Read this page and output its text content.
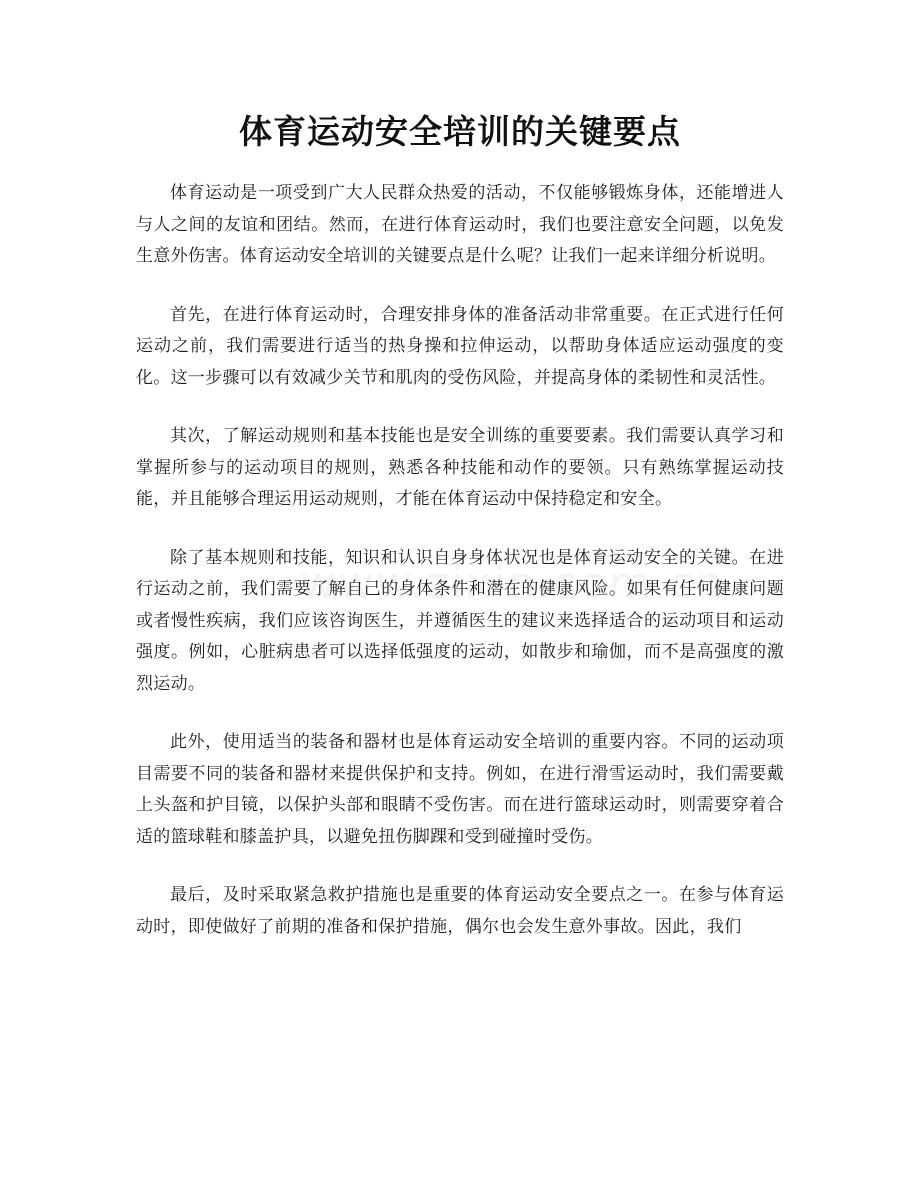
体育运动安全培训的关键要点

体育运动是一项受到广大人民群众热爱的活动，不仅能够锻炼身体，还能增进人与人之间的友谊和团结。然而，在进行体育运动时，我们也要注意安全问题，以免发生意外伤害。体育运动安全培训的关键要点是什么呢？让我们一起来详细分析说明。

首先，在进行体育运动时，合理安排身体的准备活动非常重要。在正式进行任何运动之前，我们需要进行适当的热身操和拉伸运动，以帮助身体适应运动强度的变化。这一步骤可以有效减少关节和肌肉的受伤风险，并提高身体的柔韧性和灵活性。

其次，了解运动规则和基本技能也是安全训练的重要要素。我们需要认真学习和掌握所参与的运动项目的规则，熟悉各种技能和动作的要领。只有熟练掌握运动技能，并且能够合理运用运动规则，才能在体育运动中保持稳定和安全。

除了基本规则和技能，知识和认识自身身体状况也是体育运动安全的关键。在进行运动之前，我们需要了解自己的身体条件和潜在的健康风险。如果有任何健康问题或者慢性疾病，我们应该咨询医生，并遵循医生的建议来选择适合的运动项目和运动强度。例如，心脏病患者可以选择低强度的运动，如散步和瑜伽，而不是高强度的激烈运动。

此外，使用适当的装备和器材也是体育运动安全培训的重要内容。不同的运动项目需要不同的装备和器材来提供保护和支持。例如，在进行滑雪运动时，我们需要戴上头盔和护目镜，以保护头部和眼睛不受伤害。而在进行篮球运动时，则需要穿着合适的篮球鞋和膝盖护具，以避免扭伤脚踝和受到碰撞时受伤。

最后，及时采取紧急救护措施也是重要的体育运动安全要点之一。在参与体育运动时，即使做好了前期的准备和保护措施，偶尔也会发生意外事故。因此，我们
